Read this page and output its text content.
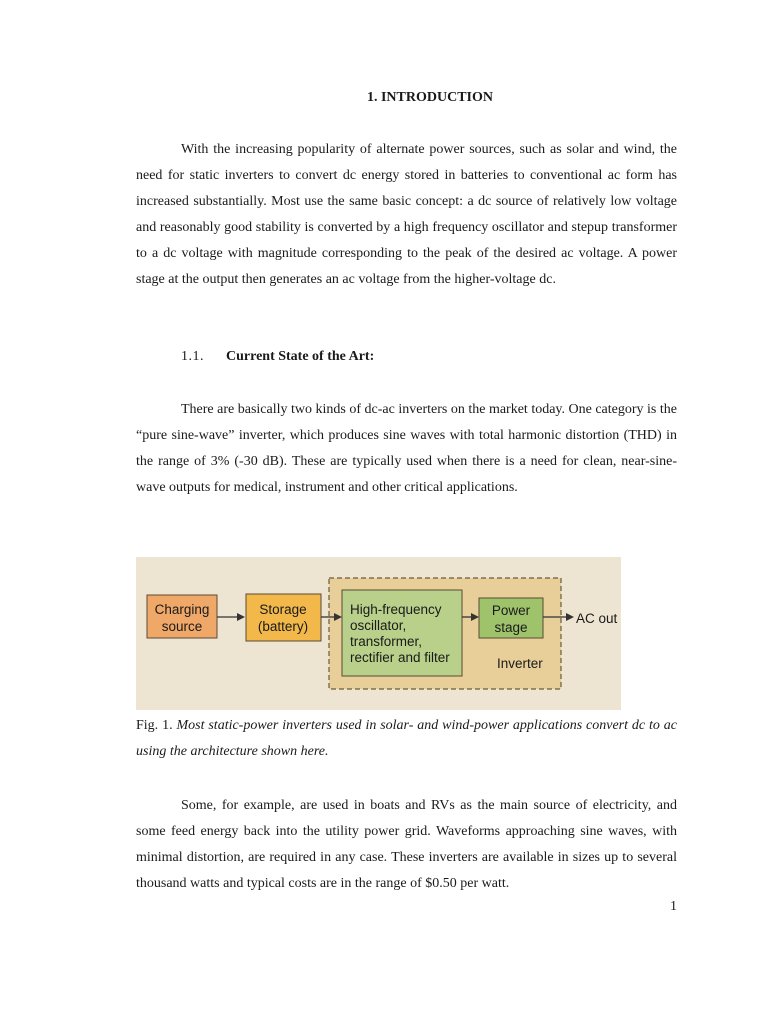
1. INTRODUCTION

With the increasing popularity of alternate power sources, such as solar and wind, the need for static inverters to convert dc energy stored in batteries to conventional ac form has increased substantially. Most use the same basic concept: a dc source of relatively low voltage and reasonably good stability is converted by a high frequency oscillator and stepup transformer to a dc voltage with magnitude corresponding to the peak of the desired ac voltage. A power stage at the output then generates an ac voltage from the higher-voltage dc.

1.1. Current State of the Art:

There are basically two kinds of dc-ac inverters on the market today. One category is the “pure sine-wave” inverter, which produces sine waves with total harmonic distortion (THD) in the range of 3% (-30 dB). These are typically used when there is a need for clean, near-sine-wave outputs for medical, instrument and other critical applications.

Charging
source
Storage
(battery)
High-frequency
oscillator,
transformer,
rectifier and filter
Power
stage
AC out
Inverter

Fig. 1. Most static-power inverters used in solar- and wind-power applications convert dc to ac using the architecture shown here.

Some, for example, are used in boats and RVs as the main source of electricity, and some feed energy back into the utility power grid. Waveforms approaching sine waves, with minimal distortion, are required in any case. These inverters are available in sizes up to several thousand watts and typical costs are in the range of $0.50 per watt.

1
